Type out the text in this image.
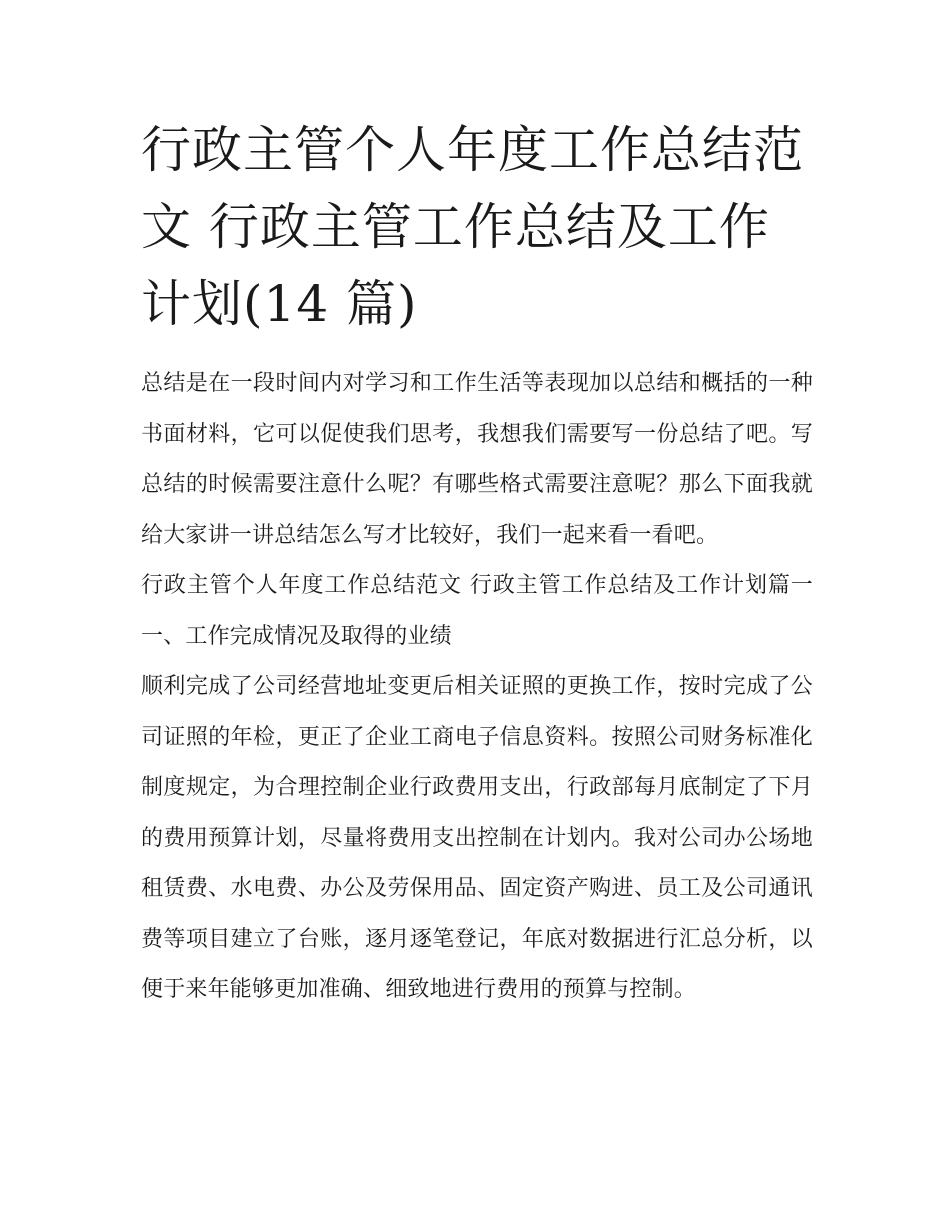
行政主管个人年度工作总结范文 行政主管工作总结及工作计划(14 篇)

总结是在一段时间内对学习和工作生活等表现加以总结和概括的一种书面材料，它可以促使我们思考，我想我们需要写一份总结了吧。写总结的时候需要注意什么呢？有哪些格式需要注意呢？那么下面我就给大家讲一讲总结怎么写才比较好，我们一起来看一看吧。

行政主管个人年度工作总结范文 行政主管工作总结及工作计划篇一 一、工作完成情况及取得的业绩

顺利完成了公司经营地址变更后相关证照的更换工作，按时完成了公司证照的年检，更正了企业工商电子信息资料。按照公司财务标准化制度规定，为合理控制企业行政费用支出，行政部每月底制定了下月的费用预算计划，尽量将费用支出控制在计划内。我对公司办公场地租赁费、水电费、办公及劳保用品、固定资产购进、员工及公司通讯费等项目建立了台账，逐月逐笔登记，年底对数据进行汇总分析，以便于来年能够更加准确、细致地进行费用的预算与控制。
